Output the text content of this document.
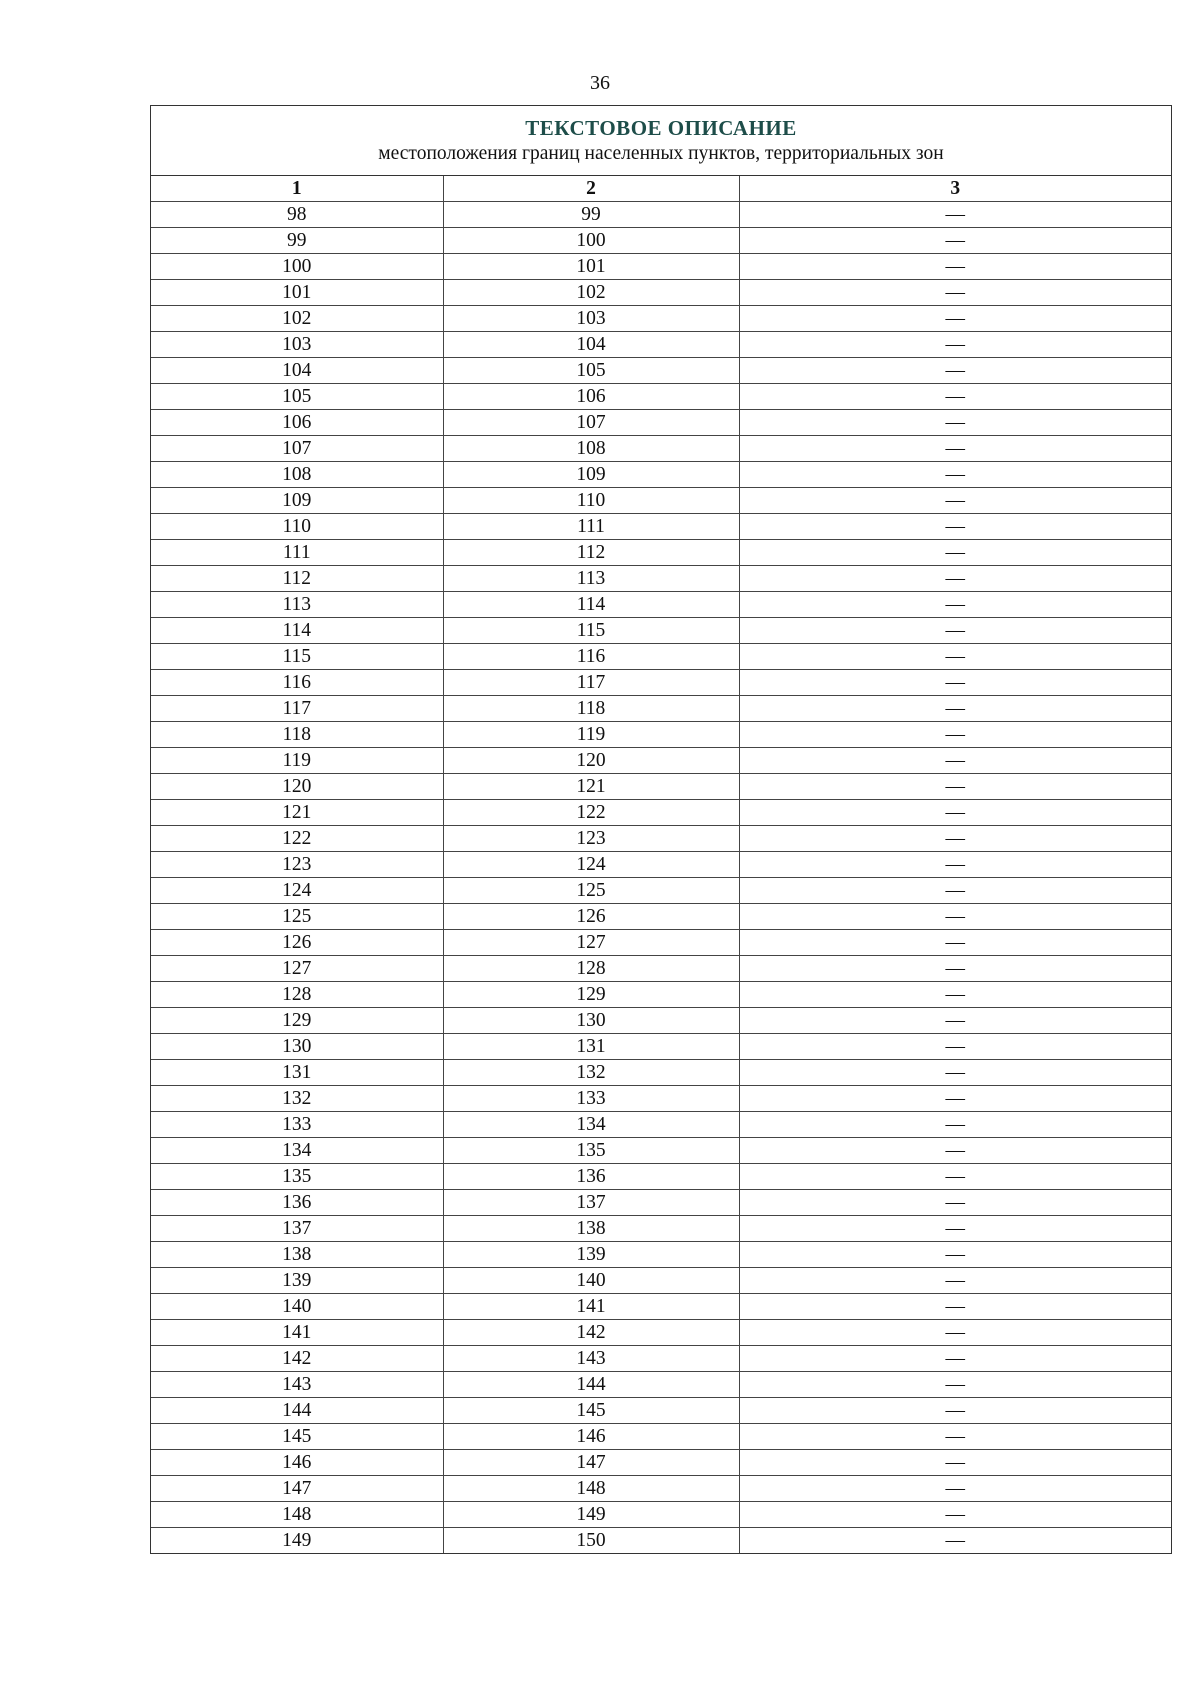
36
ТЕКСТОВОЕ ОПИСАНИЕ
местоположения границ населенных пунктов, территориальных зон
1	2	3
98	99	—
99	100	—
100	101	—
101	102	—
102	103	—
103	104	—
104	105	—
105	106	—
106	107	—
107	108	—
108	109	—
109	110	—
110	111	—
111	112	—
112	113	—
113	114	—
114	115	—
115	116	—
116	117	—
117	118	—
118	119	—
119	120	—
120	121	—
121	122	—
122	123	—
123	124	—
124	125	—
125	126	—
126	127	—
127	128	—
128	129	—
129	130	—
130	131	—
131	132	—
132	133	—
133	134	—
134	135	—
135	136	—
136	137	—
137	138	—
138	139	—
139	140	—
140	141	—
141	142	—
142	143	—
143	144	—
144	145	—
145	146	—
146	147	—
147	148	—
148	149	—
149	150	—
